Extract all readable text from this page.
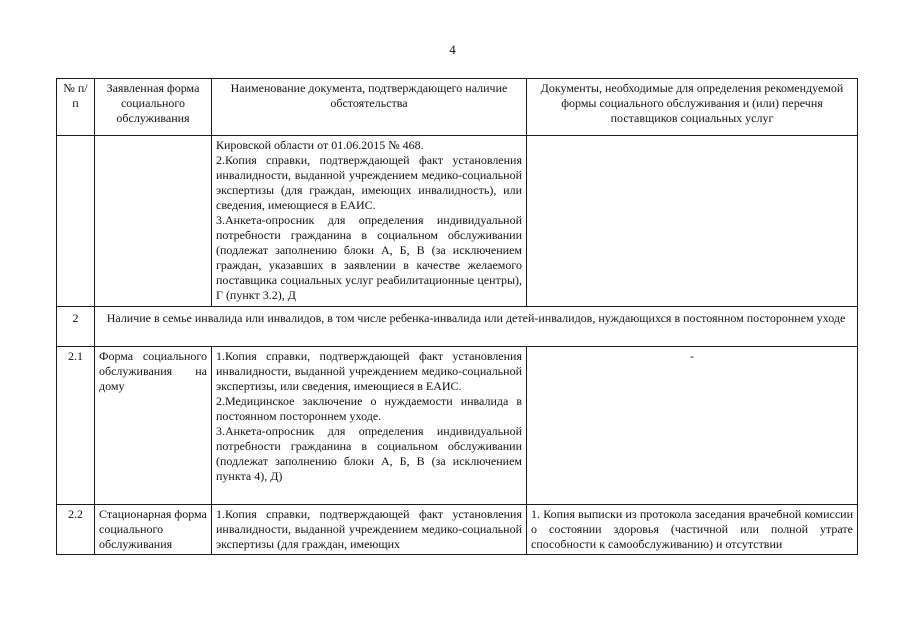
4
№ п/п	Заявленная форма социального обслуживания	Наименование документа, подтверждающего наличие обстоятельства	Документы, необходимые для определения рекомендуемой формы социального обслуживания и (или) перечня поставщиков социальных услуг

		Кировской области от 01.06.2015 № 468.
2.Копия справки, подтверждающей факт установления инвалидности, выданной учреждением медико-социальной экспертизы (для граждан, имеющих инвалидность), или сведения, имеющиеся в ЕАИС.
3.Анкета-опросник для определения индивидуальной потребности гражданина в социальном обслуживании (подлежат заполнению блоки А, Б, В (за исключением граждан, указавших в заявлении в качестве желаемого поставщика социальных услуг реабилитационные центры), Г (пункт 3.2), Д	

2	Наличие в семье инвалида или инвалидов, в том числе ребенка-инвалида или детей-инвалидов, нуждающихся в постоянном постороннем уходе		
2.1	Форма социального обслуживания на дому	1.Копия справки, подтверждающей факт установления инвалидности, выданной учреждением медико-социальной экспертизы, или сведения, имеющиеся в ЕАИС.
2.Медицинское заключение о нуждаемости инвалида в постоянном постороннем уходе.
3.Анкета-опросник для определения индивидуальной потребности гражданина в социальном обслуживании (подлежат заполнению блоки А, Б, В (за исключением пункта 4), Д)	-
2.2	Стационарная форма социального обслуживания	1.Копия справки, подтверждающей факт установления инвалидности, выданной учреждением медико-социальной экспертизы (для граждан, имеющих	1. Копия выписки из протокола заседания врачебной комиссии о состоянии здоровья (частичной или полной утрате способности к самообслуживанию) и отсутствии
